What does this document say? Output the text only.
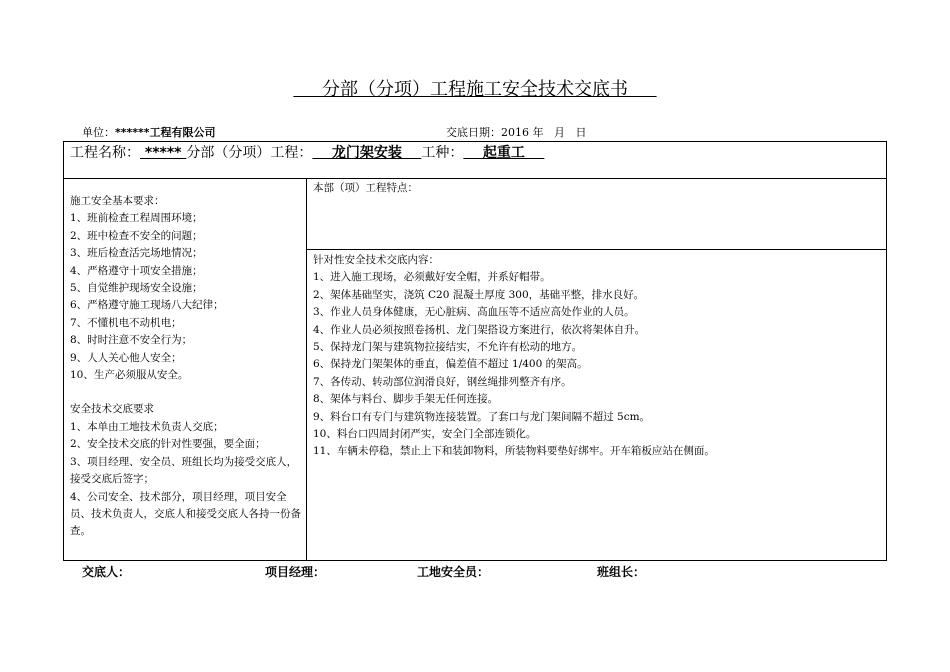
分部（分项）工程施工安全技术交底书
单位：******工程有限公司	交底日期：2016 年   月   日
工程名称： ***** 分部（分项）工程：    龙门架安装    工种：    起重工
施工安全基本要求：
1、班前检查工程周围环境；
2、班中检查不安全的问题；
3、班后检查活完场地情况；
4、严格遵守十项安全措施；
5、自觉维护现场安全设施；
6、严格遵守施工现场八大纪律；
7、不懂机电不动机电；
8、时时注意不安全行为；
9、人人关心他人安全；
10、生产必须服从安全。
安全技术交底要求
1、本单由工地技术负责人交底；
2、安全技术交底的针对性要强，要全面；
3、项目经理、安全员、班组长均为接受交底人，接受交底后签字；
4、公司安全、技术部分，项目经理，项目安全员、技术负责人，交底人和接受交底人各持一份备查。
本部（项）工程特点：
针对性安全技术交底内容：
1、进入施工现场，必须戴好安全帽，并系好帽带。
2、架体基础坚实，浇筑 C20 混凝土厚度 300，基础平整，排水良好。
3、作业人员身体健康，无心脏病、高血压等不适应高处作业的人员。
4、作业人员必须按照卷扬机、龙门架搭设方案进行，依次将架体自升。
5、保持龙门架与建筑物拉接结实，不允许有松动的地方。
6、保持龙门架架体的垂直，偏差值不超过 1/400 的架高。
7、各传动、转动部位润滑良好，钢丝绳排列整齐有序。
8、架体与料台、脚步手架无任何连接。
9、料台口有专门与建筑物连接装置。了套口与龙门架间隔不超过 5cm。
10、料台口四周封闭严实，安全门全部连锁化。
11、车辆未停稳，禁止上下和装卸物料，所装物料要垫好绑牢。开车箱板应站在侧面。
交底人：	项目经理：	工地安全员：	班组长：
